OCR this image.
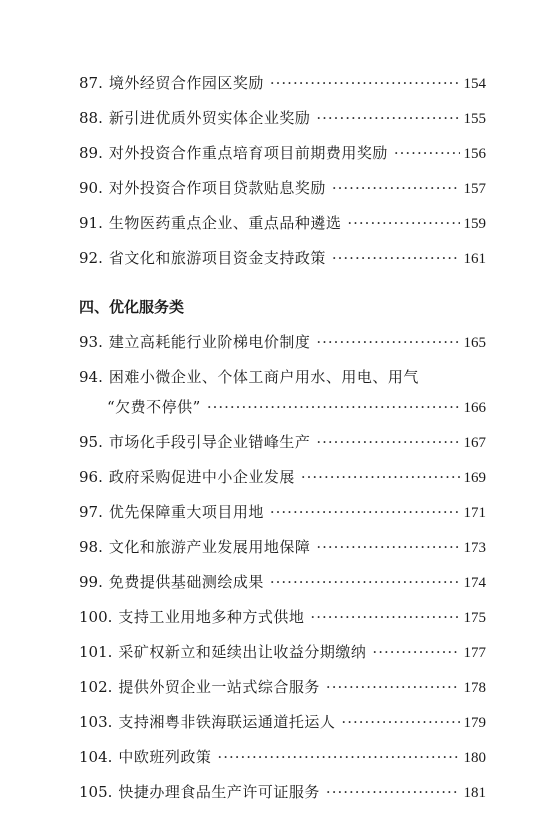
87. 境外经贸合作园区奖励 ·····	154
88. 新引进优质外贸实体企业奖励 ·····	155
89. 对外投资合作重点培育项目前期费用奖励 ·····	156
90. 对外投资合作项目贷款贴息奖励 ·····	157
91. 生物医药重点企业、重点品种遴选 ·····	159
92. 省文化和旅游项目资金支持政策 ·····	161
四、优化服务类
93. 建立高耗能行业阶梯电价制度 ·····	165
94. 困难小微企业、个体工商户用水、用电、用气
“欠费不停供” ·····	166
95. 市场化手段引导企业错峰生产 ·····	167
96. 政府采购促进中小企业发展 ·····	169
97. 优先保障重大项目用地 ·····	171
98. 文化和旅游产业发展用地保障 ·····	173
99. 免费提供基础测绘成果 ·····	174
100. 支持工业用地多种方式供地 ·····	175
101. 采矿权新立和延续出让收益分期缴纳 ·····	177
102. 提供外贸企业一站式综合服务 ·····	178
103. 支持湘粤非铁海联运通道托运人 ·····	179
104. 中欧班列政策 ·····	180
105. 快捷办理食品生产许可证服务 ·····	181
